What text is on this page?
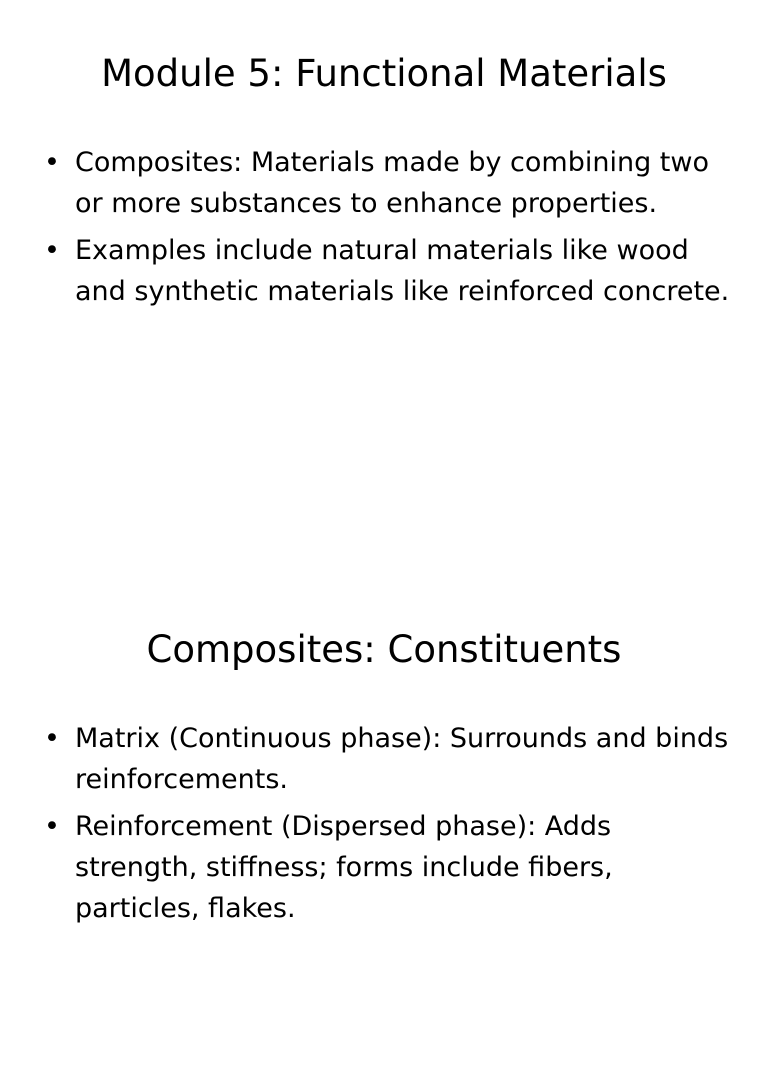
Module 5: Functional Materials
• Composites: Materials made by combining two or more substances to enhance properties.
• Examples include natural materials like wood and synthetic materials like reinforced concrete.
Composites: Constituents
• Matrix (Continuous phase): Surrounds and binds reinforcements.
• Reinforcement (Dispersed phase): Adds strength, stiffness; forms include fibers, particles, flakes.
